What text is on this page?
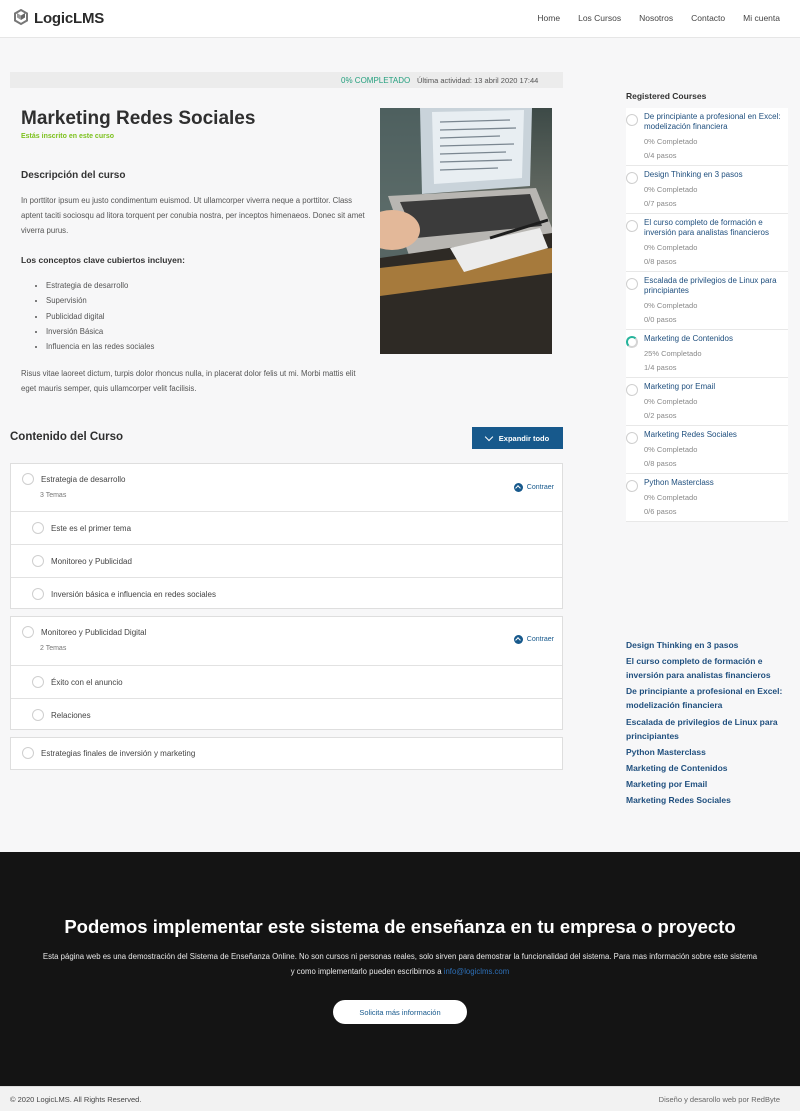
LogicLMS	Home Los Cursos Nosotros Contacto Mi cuenta
0% COMPLETADO Última actividad: 13 abril 2020 17:44
Marketing Redes Sociales
Estás inscrito en este curso
Descripción del curso

In porttitor ipsum eu justo condimentum euismod. Ut ullamcorper viverra neque a porttitor. Class aptent taciti sociosqu ad litora torquent per conubia nostra, per inceptos himenaeos. Donec sit amet viverra purus.

Los conceptos clave cubiertos incluyen:
• Estrategia de desarrollo
• Supervisión
• Publicidad digital
• Inversión Básica
• Influencia en las redes sociales

Risus vitae laoreet dictum, turpis dolor rhoncus nulla, in placerat dolor felis ut mi. Morbi mattis elit eget mauris semper, quis ullamcorper velit facilisis.

Contenido del Curso	Expandir todo
Estrategia de desarrollo
3 Temas
Contraer
Este es el primer tema
Monitoreo y Publicidad
Inversión básica e influencia en redes sociales
Monitoreo y Publicidad Digital
2 Temas
Contraer
Éxito con el anuncio
Relaciones
Estrategias finales de inversión y marketing
Registered Courses
De principiante a profesional en Excel: modelización financiera
0% Completado
0/4 pasos
Design Thinking en 3 pasos
0% Completado
0/7 pasos
El curso completo de formación e inversión para analistas financieros
0% Completado
0/8 pasos
Escalada de privilegios de Linux para principiantes
0% Completado
0/0 pasos
Marketing de Contenidos
25% Completado
1/4 pasos
Marketing por Email
0% Completado
0/2 pasos
Marketing Redes Sociales
0% Completado
0/8 pasos
Python Masterclass
0% Completado
0/6 pasos
Design Thinking en 3 pasos
El curso completo de formación e inversión para analistas financieros
De principiante a profesional en Excel: modelización financiera
Escalada de privilegios de Linux para principiantes
Python Masterclass
Marketing de Contenidos
Marketing por Email
Marketing Redes Sociales
Podemos implementar este sistema de enseñanza en tu empresa o proyecto

Esta página web es una demostración del Sistema de Enseñanza Online. No son cursos ni personas reales, solo sirven para demostrar la funcionalidad del sistema. Para mas información sobre este sistema y como implementarlo pueden escribirnos a info@logiclms.com

Solicita más información
© 2020 LogicLMS. All Rights Reserved.	Diseño y desarollo web por RedByte
